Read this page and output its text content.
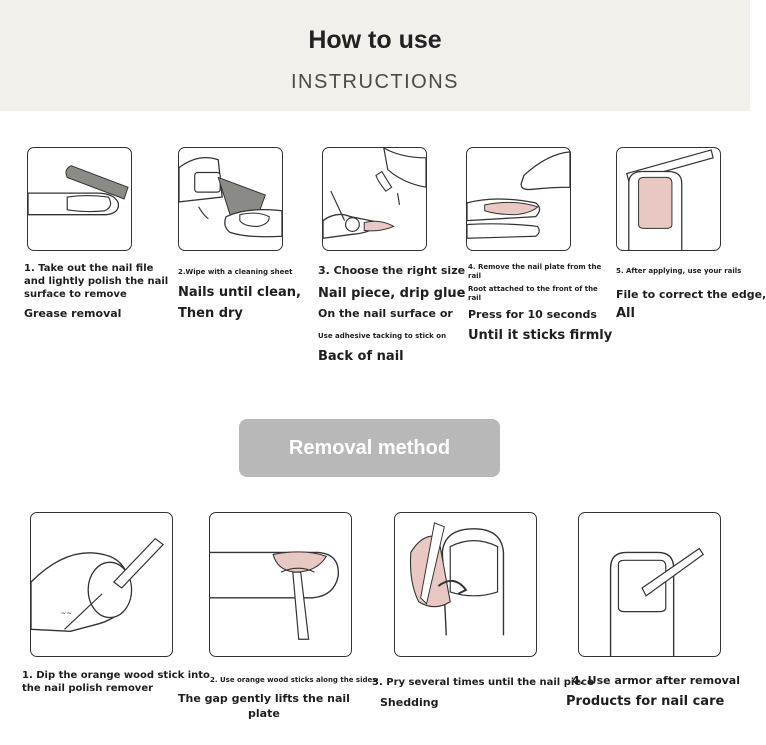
How to use
INSTRUCTIONS
1. Take out the nail file
and lightly polish the nail
surface to remove
Grease removal
2.Wipe with a cleaning sheet
Nails until clean,
Then dry
3. Choose the right size
Nail piece, drip glue
On the nail surface or
Use adhesive tacking to stick on
Back of nail
4. Remove the nail plate from the
rail
Root attached to the front of the
rail
Press for 10 seconds
Until it sticks firmly
5. After applying, use your rails
File to correct the edge,
All
Removal method
~~
1. Dip the orange wood stick into
the nail polish remover
2. Use orange wood sticks along the sides
The gap gently lifts the nail
plate
3. Pry several times until the nail piece
Shedding
4. Use armor after removal
Products for nail care
